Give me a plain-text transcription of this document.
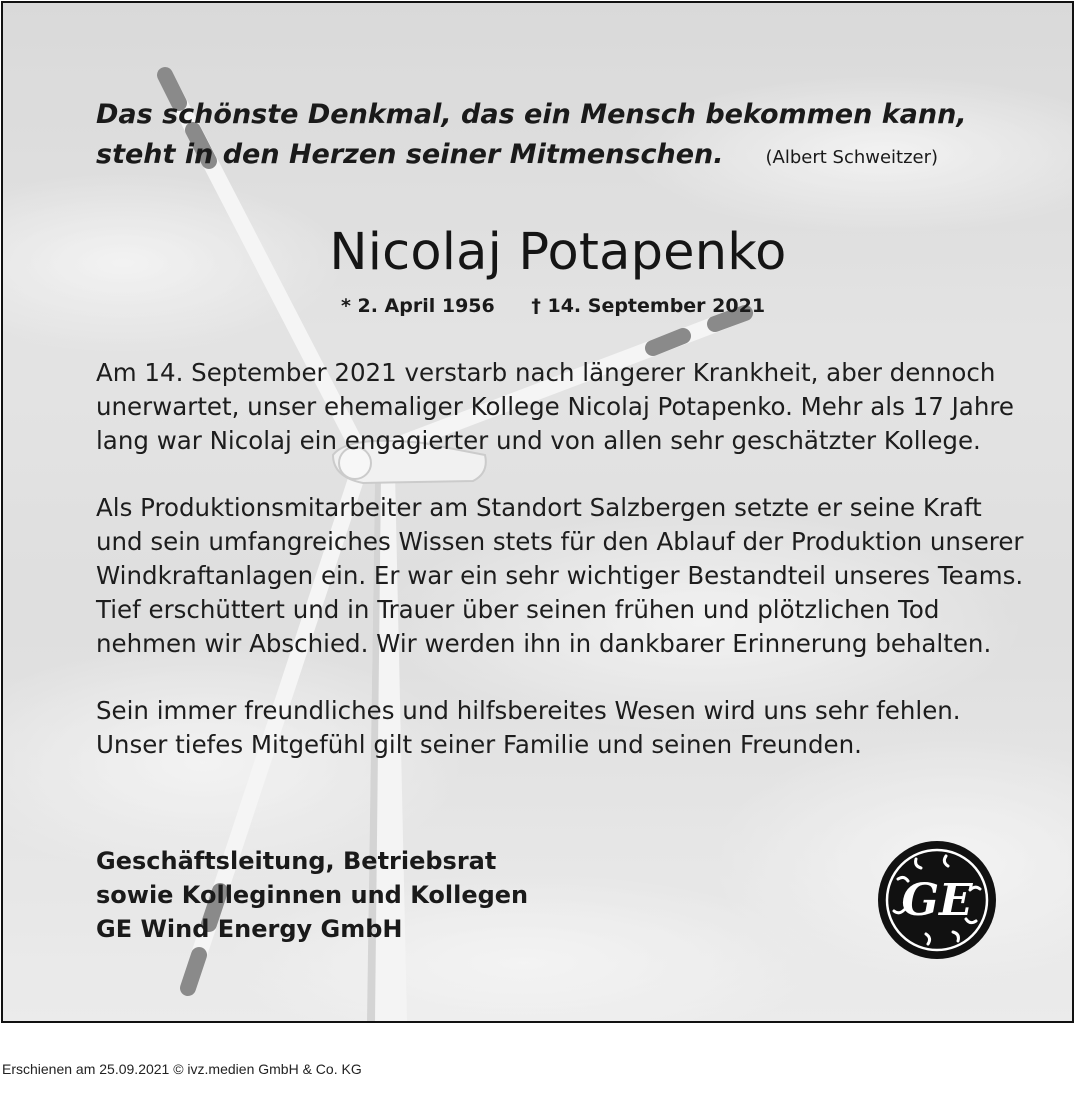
Das schönste Denkmal, das ein Mensch bekommen kann,
steht in den Herzen seiner Mitmenschen. (Albert Schweitzer)
Nicolaj Potapenko
* 2. April 1956 † 14. September 2021

Am 14. September 2021 verstarb nach längerer Krankheit, aber dennoch
unerwartet, unser ehemaliger Kollege Nicolaj Potapenko. Mehr als 17 Jahre
lang war Nicolaj ein engagierter und von allen sehr geschätzter Kollege.

Als Produktionsmitarbeiter am Standort Salzbergen setzte er seine Kraft
und sein umfangreiches Wissen stets für den Ablauf der Produktion unserer
Windkraftanlagen ein. Er war ein sehr wichtiger Bestandteil unseres Teams.
Tief erschüttert und in Trauer über seinen frühen und plötzlichen Tod
nehmen wir Abschied. Wir werden ihn in dankbarer Erinnerung behalten.

Sein immer freundliches und hilfsbereites Wesen wird uns sehr fehlen.
Unser tiefes Mitgefühl gilt seiner Familie und seinen Freunden.

Geschäftsleitung, Betriebsrat
sowie Kolleginnen und Kollegen
GE Wind Energy GmbH
GE
Erschienen am 25.09.2021 © ivz.medien GmbH & Co. KG
